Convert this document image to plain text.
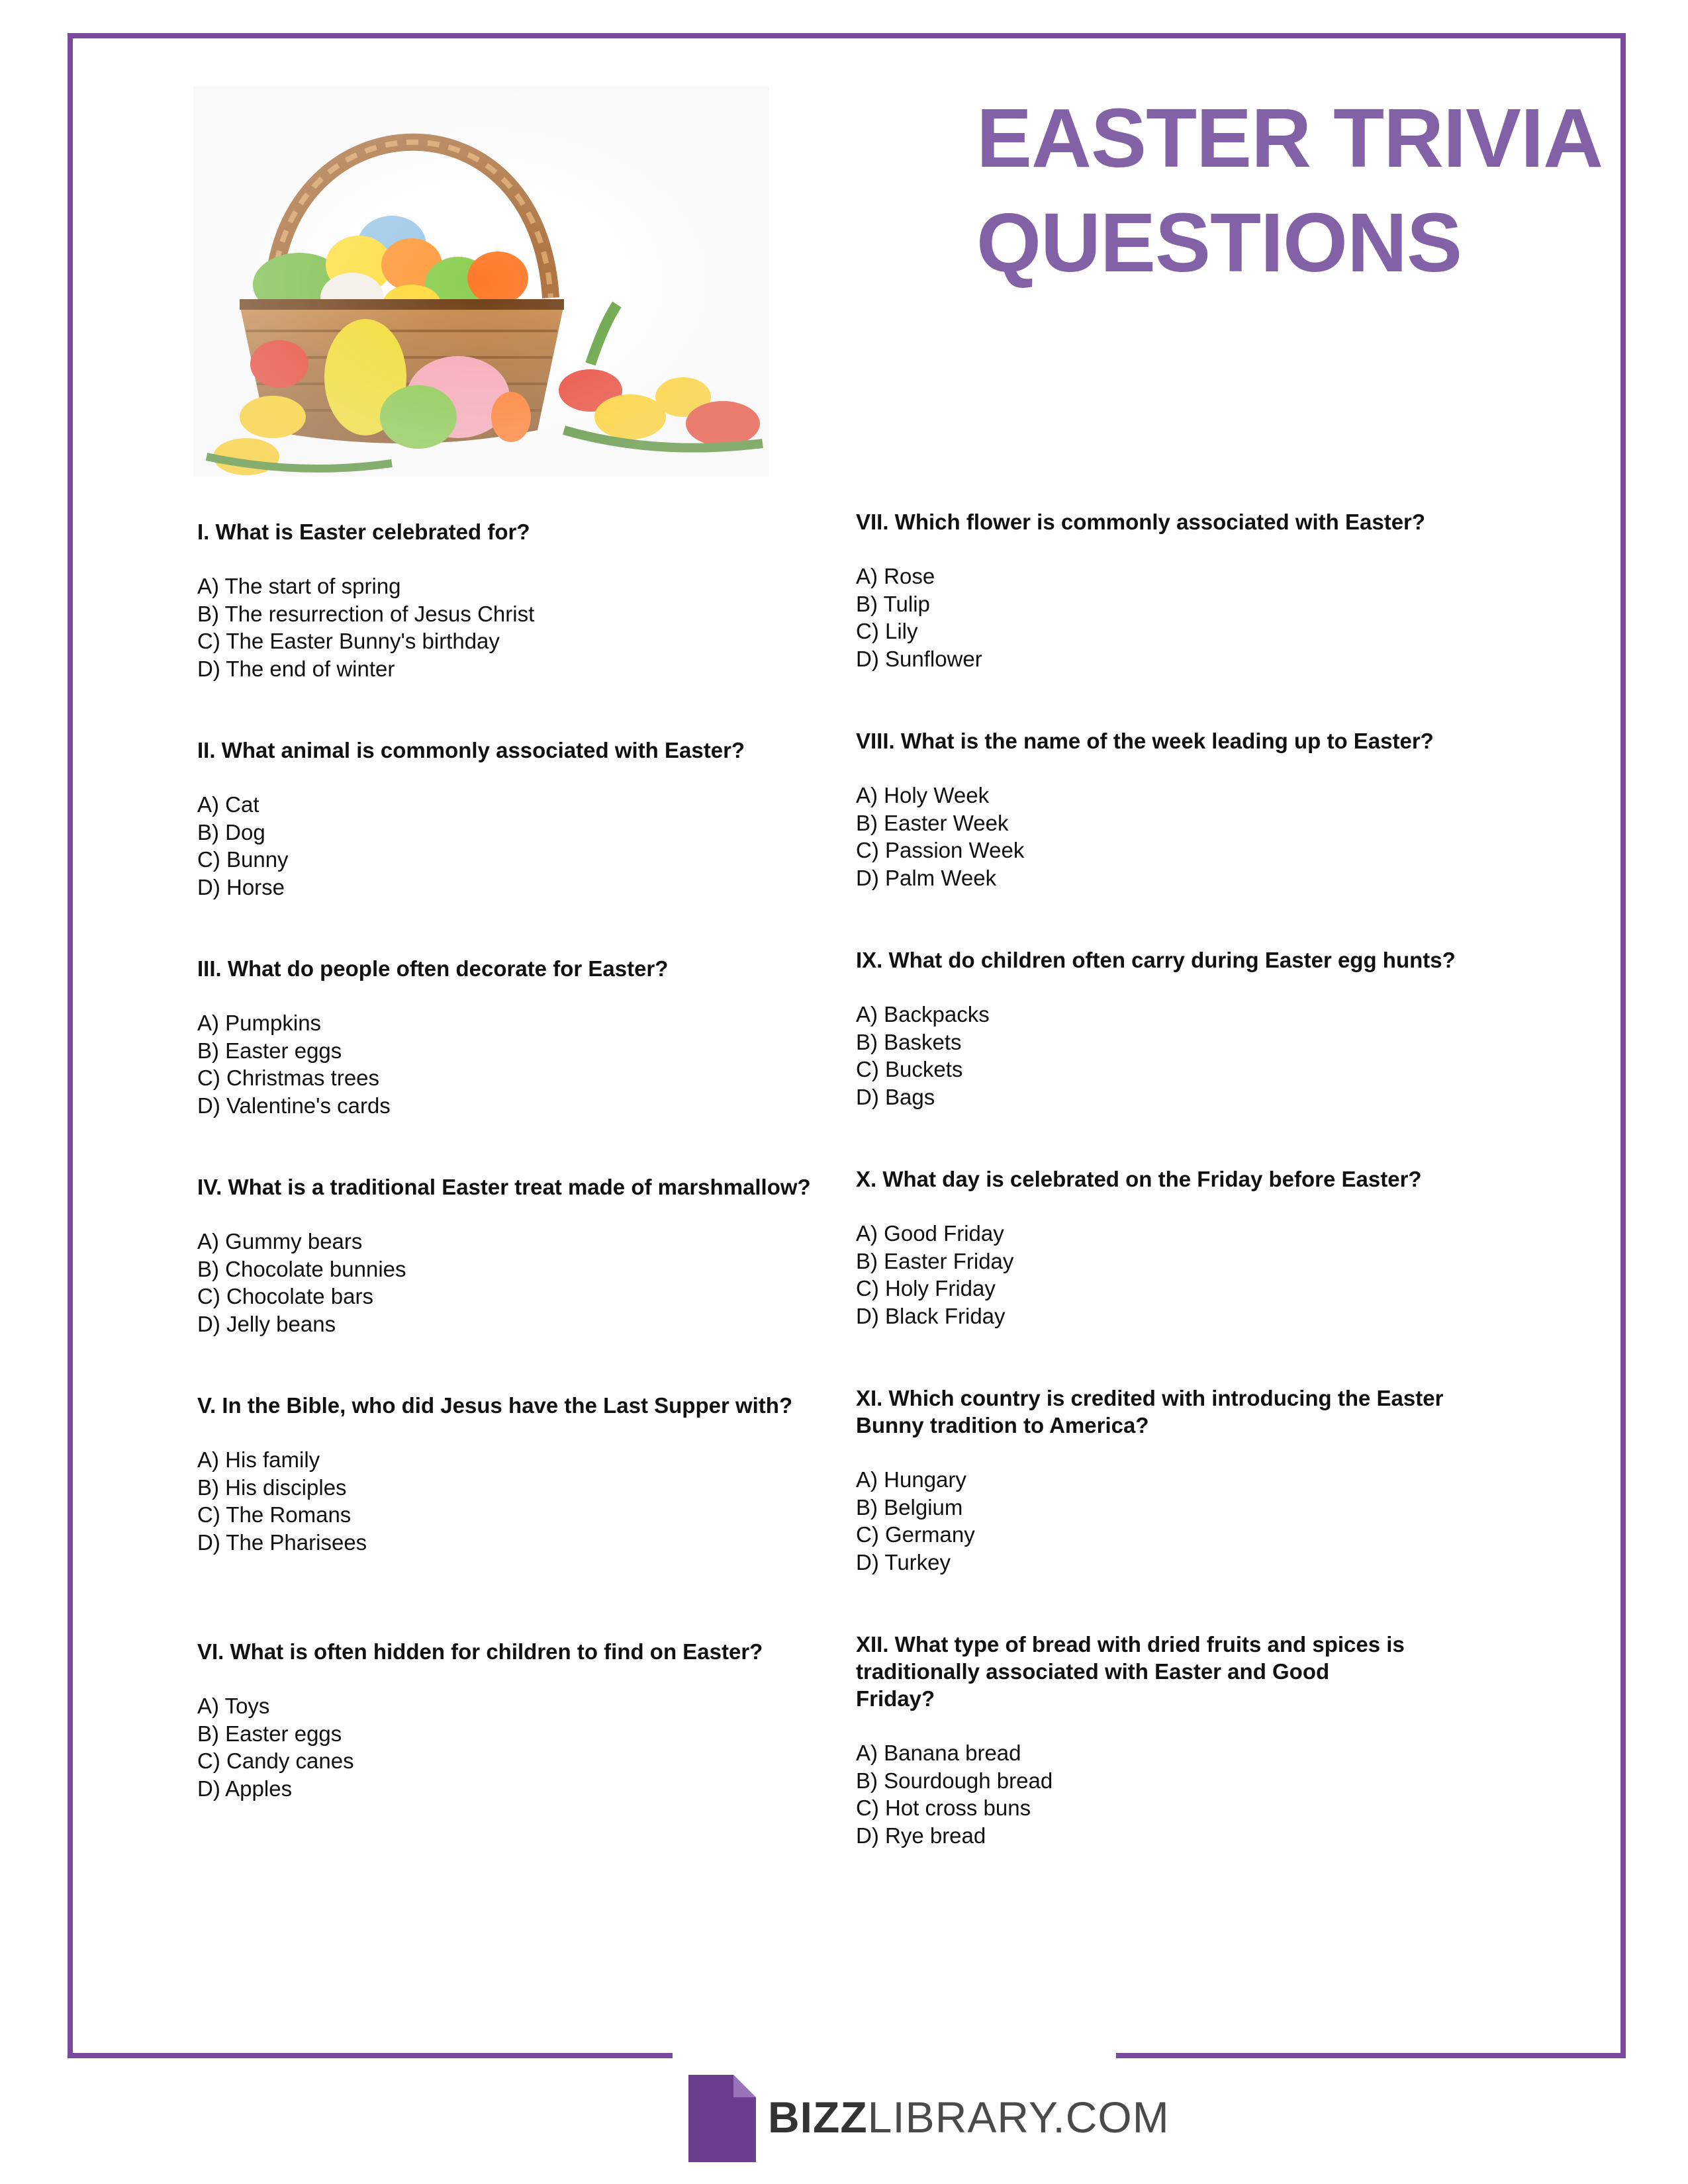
EASTER TRIVIA
QUESTIONS
I. What is Easter celebrated for?
A) The start of spring
B) The resurrection of Jesus Christ
C) The Easter Bunny's birthday
D) The end of winter
II. What animal is commonly associated with Easter?
A) Cat
B) Dog
C) Bunny
D) Horse
III. What do people often decorate for Easter?
A) Pumpkins
B) Easter eggs
C) Christmas trees
D) Valentine's cards
IV. What is a traditional Easter treat made of marshmallow?
A) Gummy bears
B) Chocolate bunnies
C) Chocolate bars
D) Jelly beans
V. In the Bible, who did Jesus have the Last Supper with?
A) His family
B) His disciples
C) The Romans
D) The Pharisees
VI. What is often hidden for children to find on Easter?
A) Toys
B) Easter eggs
C) Candy canes
D) Apples
VII. Which flower is commonly associated with Easter?
A) Rose
B) Tulip
C) Lily
D) Sunflower
VIII. What is the name of the week leading up to Easter?
A) Holy Week
B) Easter Week
C) Passion Week
D) Palm Week
IX. What do children often carry during Easter egg hunts?
A) Backpacks
B) Baskets
C) Buckets
D) Bags
X. What day is celebrated on the Friday before Easter?
A) Good Friday
B) Easter Friday
C) Holy Friday
D) Black Friday
XI. Which country is credited with introducing the Easter Bunny tradition to America?
A) Hungary
B) Belgium
C) Germany
D) Turkey
XII. What type of bread with dried fruits and spices is traditionally associated with Easter and Good Friday?
A) Banana bread
B) Sourdough bread
C) Hot cross buns
D) Rye bread
BIZZLIBRARY.COM
